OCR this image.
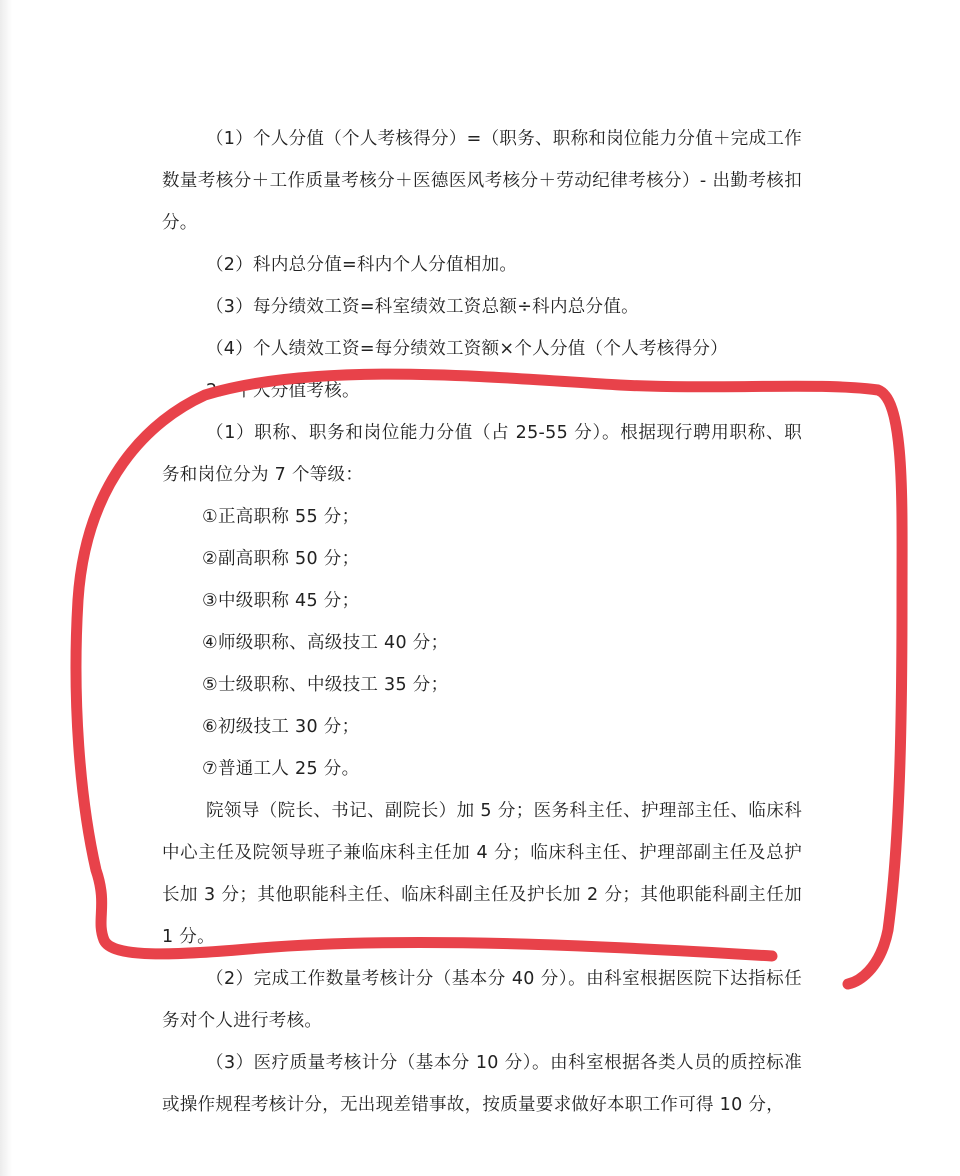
（1）个人分值（个人考核得分）=（职务、职称和岗位能力分值＋完成工作数量考核分＋工作质量考核分＋医德医风考核分＋劳动纪律考核分）- 出勤考核扣分。

（2）科内总分值=科内个人分值相加。

（3）每分绩效工资=科室绩效工资总额÷科内总分值。

（4）个人绩效工资=每分绩效工资额×个人分值（个人考核得分）

2．个人分值考核。

（1）职称、职务和岗位能力分值（占 25-55 分）。根据现行聘用职称、职务和岗位分为 7 个等级：

①正高职称 55 分；

②副高职称 50 分；

③中级职称 45 分；

④师级职称、高级技工 40 分；

⑤士级职称、中级技工 35 分；

⑥初级技工 30 分；

⑦普通工人 25 分。

院领导（院长、书记、副院长）加 5 分；医务科主任、护理部主任、临床科中心主任及院领导班子兼临床科主任加 4 分；临床科主任、护理部副主任及总护长加 3 分；其他职能科主任、临床科副主任及护长加 2 分；其他职能科副主任加 1 分。

（2）完成工作数量考核计分（基本分 40 分）。由科室根据医院下达指标任务对个人进行考核。

（3）医疗质量考核计分（基本分 10 分）。由科室根据各类人员的质控标准或操作规程考核计分，无出现差错事故，按质量要求做好本职工作可得 10 分，
